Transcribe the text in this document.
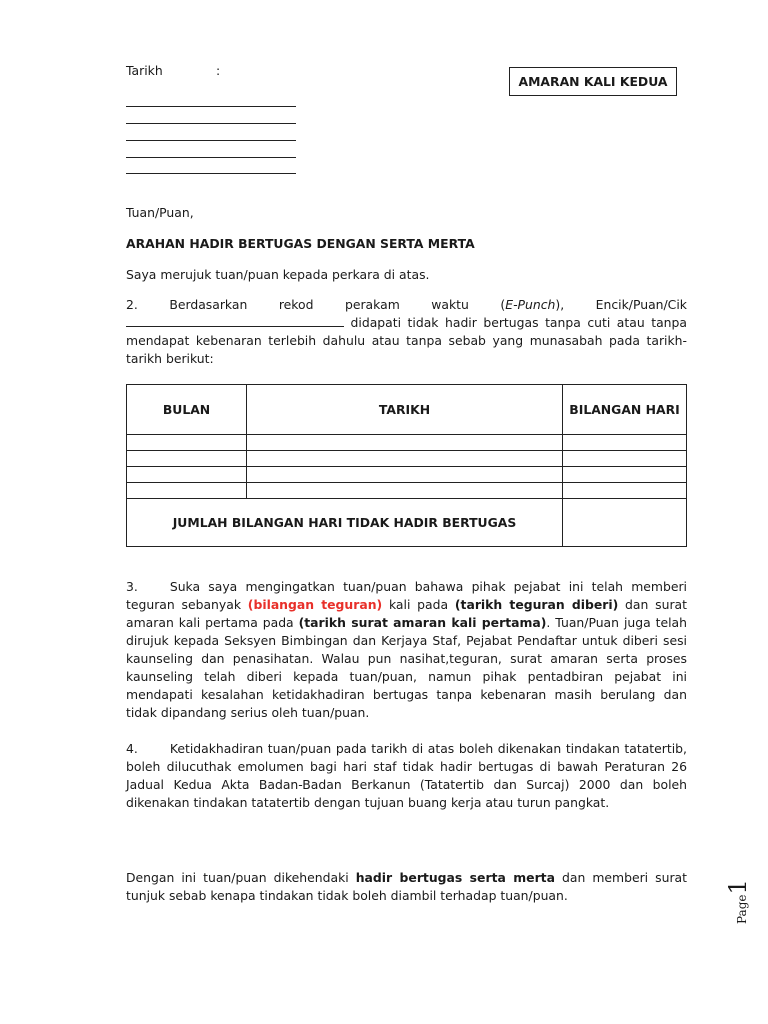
Tarikh	:
AMARAN KALI KEDUA
Tuan/Puan,
ARAHAN HADIR BERTUGAS DENGAN SERTA MERTA
Saya merujuk tuan/puan kepada perkara di atas.
2.	Berdasarkan	rekod	perakam	waktu	(E-Punch),	Encik/Puan/Cik
didapati tidak hadir bertugas tanpa cuti atau tanpa mendapat kebenaran terlebih dahulu atau tanpa sebab yang munasabah pada tarikh-tarikh berikut:
BULAN	TARIKH	BILANGAN HARI

JUMLAH BILANGAN HARI TIDAK HADIR BERTUGAS		
3.	Suka saya mengingatkan tuan/puan bahawa pihak pejabat ini telah memberi teguran sebanyak (bilangan teguran) kali pada (tarikh teguran diberi) dan surat amaran kali pertama pada (tarikh surat amaran kali pertama). Tuan/Puan juga telah dirujuk kepada Seksyen Bimbingan dan Kerjaya Staf, Pejabat Pendaftar untuk diberi sesi kaunseling dan penasihatan. Walau pun nasihat,teguran, surat amaran serta proses kaunseling telah diberi kepada tuan/puan, namun pihak pentadbiran pejabat ini mendapati kesalahan ketidakhadiran bertugas tanpa kebenaran masih berulang dan tidak dipandang serius oleh tuan/puan.
4.	Ketidakhadiran tuan/puan pada tarikh di atas boleh dikenakan tindakan tatatertib, boleh dilucuthak emolumen bagi hari staf tidak hadir bertugas di bawah Peraturan 26 Jadual Kedua Akta Badan-Badan Berkanun (Tatatertib dan Surcaj) 2000 dan boleh dikenakan tindakan tatatertib dengan tujuan buang kerja atau turun pangkat.
Dengan ini tuan/puan dikehendaki hadir bertugas serta merta dan memberi surat tunjuk sebab kenapa tindakan tidak boleh diambil terhadap tuan/puan.	Page1
